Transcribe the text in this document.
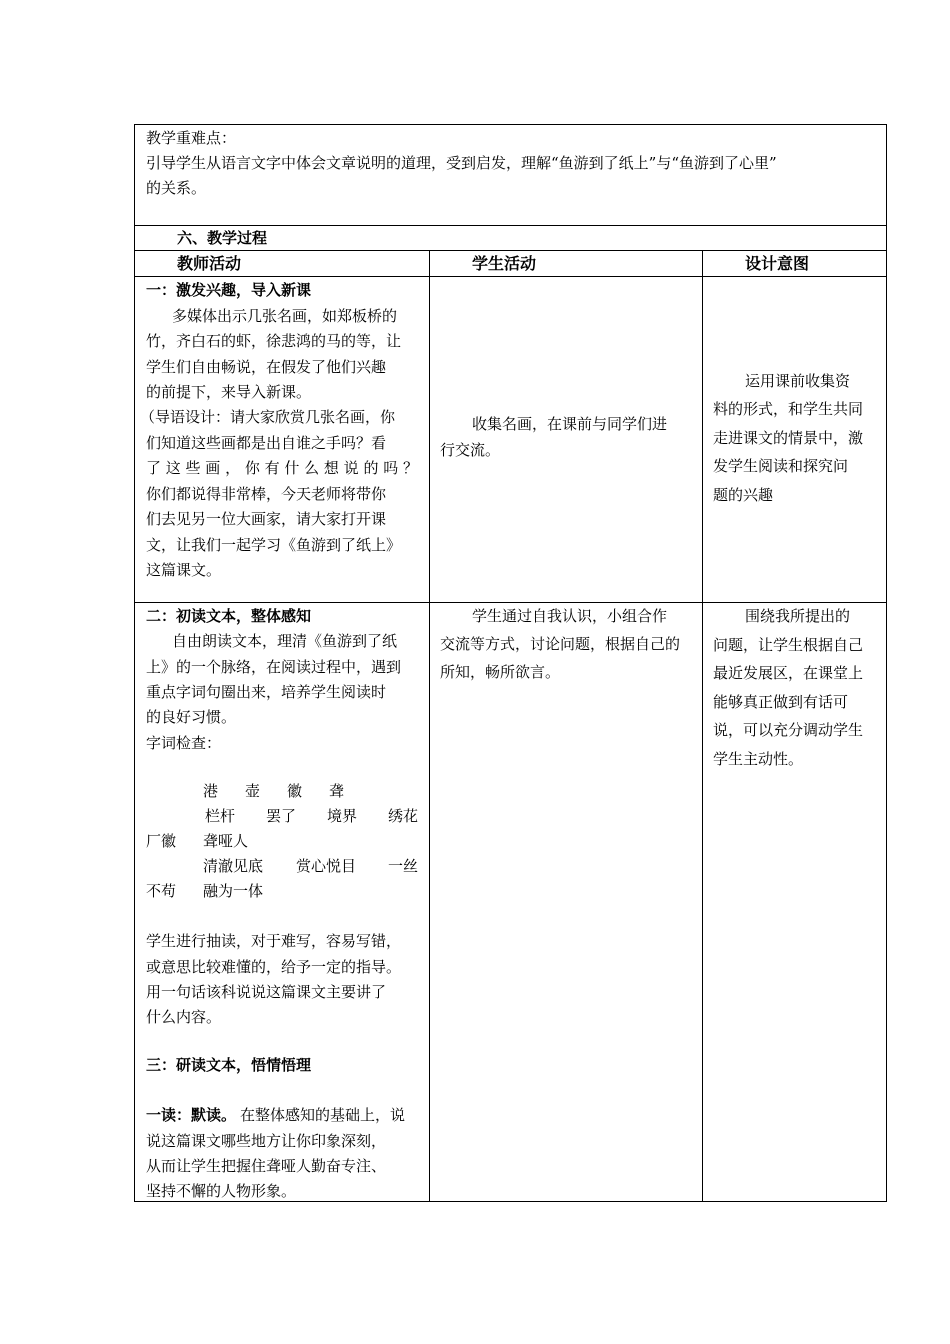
教学重难点：
引导学生从语言文字中体会文章说明的道理，受到启发，理解“鱼游到了纸上”与“鱼游到了心里”
的关系。
六、教学过程
教师活动	学生活动	设计意图
一：激发兴趣，导入新课
多媒体出示几张名画，如郑板桥的
竹，齐白石的虾，徐悲鸿的马的等，让
学生们自由畅说，在假发了他们兴趣
的前提下，来导入新课。
（导语设计：请大家欣赏几张名画，你
们知道这些画都是出自谁之手吗？看
了 这 些 画 ， 你 有 什 么 想 说 的 吗 ？
你们都说得非常棒，今天老师将带你
们去见另一位大画家，请大家打开课
文，让我们一起学习《鱼游到了纸上》
这篇课文。
收集名画，在课前与同学们进
行交流。
运用课前收集资
料的形式，和学生共同
走进课文的情景中，激
发学生阅读和探究问
题的兴趣
二：初读文本，整体感知
自由朗读文本，理清《鱼游到了纸
上》的一个脉络，在阅读过程中，遇到
重点字词句圈出来，培养学生阅读时
的良好习惯。
字词检查：
港 壶 徽 聋
栏杆 罢了 境界 绣花
厂徽 聋哑人
清澈见底 赏心悦目 一丝
不苟 融为一体
学生进行抽读，对于难写，容易写错，
或意思比较难懂的，给予一定的指导。
用一句话该科说说这篇课文主要讲了
什么内容。
三：研读文本，悟情悟理
一读：默读。 在整体感知的基础上，说
说这篇课文哪些地方让你印象深刻，
从而让学生把握住聋哑人勤奋专注、
坚持不懈的人物形象。
学生通过自我认识，小组合作
交流等方式，讨论问题，根据自己的
所知，畅所欲言。
围绕我所提出的
问题，让学生根据自己
最近发展区，在课堂上
能够真正做到有话可
说，可以充分调动学生
学生主动性。
